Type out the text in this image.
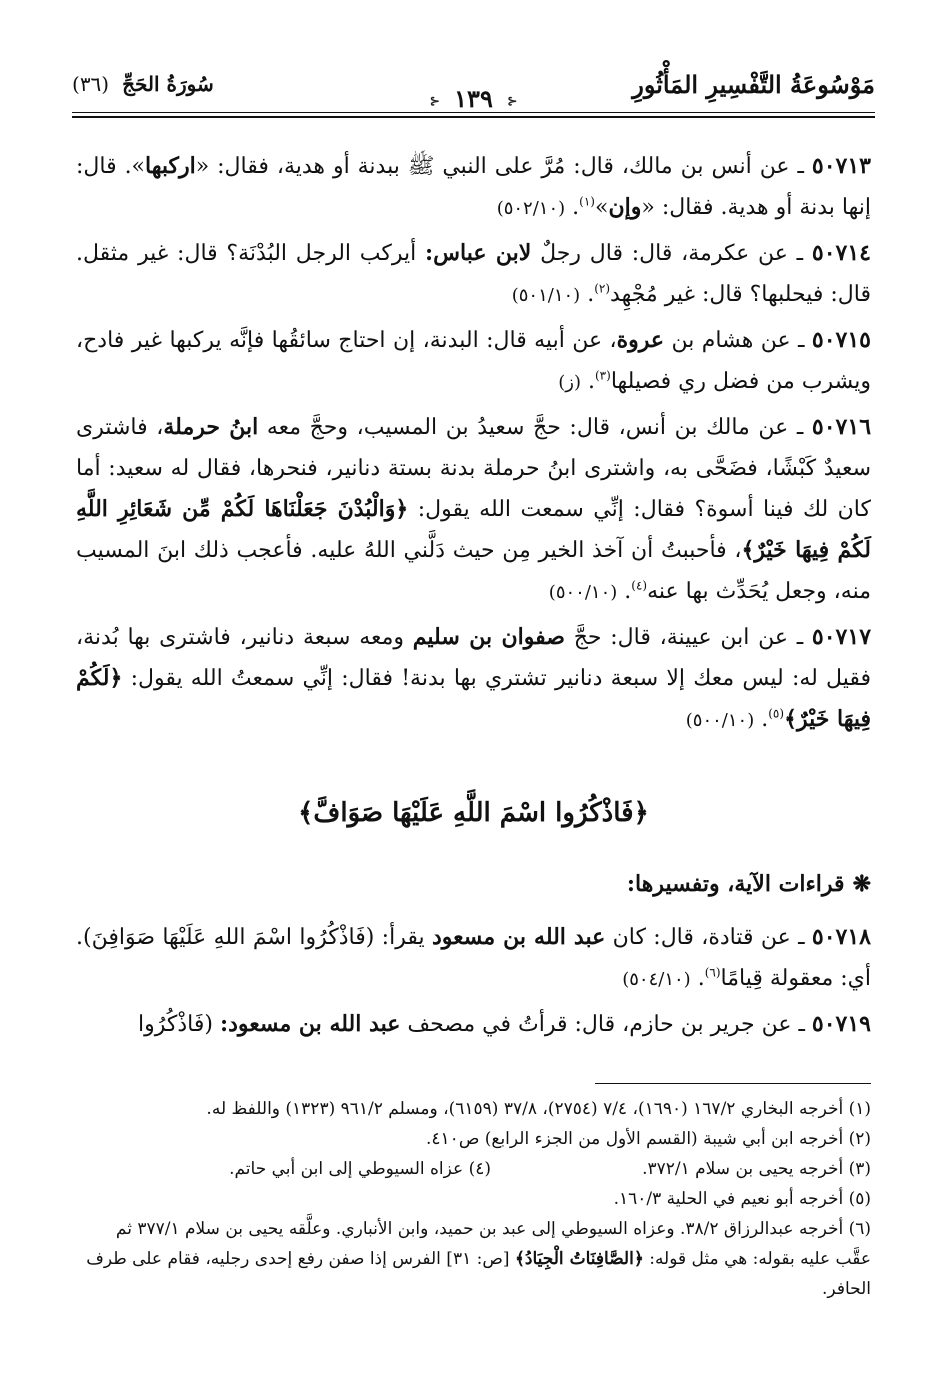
مَوْسُوعَةُ التَّفْسِيرِ المَأْثُورِ
⊰ ١٣٩ ⊰
سُورَةُ الحَجِّ (٣٦)

٥٠٧١٣ ـ عن أنس بن مالك، قال: مُرَّ على النبي ﷺ ببدنة أو هدية، فقال: «اركبها». قال: إنها بدنة أو هدية. فقال: «وإن»$^{(١)}$. (٥٠٢/١٠)

٥٠٧١٤ ـ عن عكرمة، قال: قال رجلٌ لابن عباس: أيركب الرجل البُدْنَة؟ قال: غير مثقل. قال: فيحلبها؟ قال: غير مُجْهِد$^{(٢)}$. (٥٠١/١٠)

٥٠٧١٥ ـ عن هشام بن عروة، عن أبيه قال: البدنة، إن احتاج سائقُها فإنَّه يركبها غير فادح، ويشرب من فضل ري فصيلها$^{(٣)}$. (ز)

٥٠٧١٦ ـ عن مالك بن أنس، قال: حجَّ سعيدُ بن المسيب، وحجَّ معه ابنُ حرملة، فاشترى سعيدٌ كَبْشًا، فضَحَّى به، واشترى ابنُ حرملة بدنة بستة دنانير، فنحرها، فقال له سعيد: أما كان لك فينا أسوة؟ فقال: إنِّي سمعت الله يقول: ﴿وَالْبُدْنَ جَعَلْنَاهَا لَكُمْ مِّن شَعَائِرِ اللَّهِ لَكُمْ فِيهَا خَيْرٌ﴾، فأحببتُ أن آخذ الخير مِن حيث دَلَّني اللهُ عليه. فأعجب ذلك ابنَ المسيب منه، وجعل يُحَدِّث بها عنه$^{(٤)}$. (٥٠٠/١٠)

٥٠٧١٧ ـ عن ابن عيينة، قال: حجَّ صفوان بن سليم ومعه سبعة دنانير، فاشترى بها بُدنة، فقيل له: ليس معك إلا سبعة دنانير تشتري بها بدنة! فقال: إنِّي سمعتُ الله يقول: ﴿لَكُمْ فِيهَا خَيْرٌ﴾$^{(٥)}$. (٥٠٠/١٠)

﴿فَاذْكُرُوا اسْمَ اللَّهِ عَلَيْهَا صَوَافَّ﴾
❋قراءات الآية، وتفسيرها:

٥٠٧١٨ ـ عن قتادة، قال: كان عبد الله بن مسعود يقرأ: (فَاذْكُرُوا اسْمَ اللهِ عَلَيْهَا صَوَافِنَ). أي: معقولة قِيامًا$^{(٦)}$. (٥٠٤/١٠)

٥٠٧١٩ ـ عن جرير بن حازم، قال: قرأتُ في مصحف عبد الله بن مسعود: (فَاذْكُرُوا

(١) أخرجه البخاري ١٦٧/٢ (١٦٩٠)، ٧/٤ (٢٧٥٤)، ٣٧/٨ (٦١٥٩)، ومسلم ٩٦١/٢ (١٣٢٣) واللفظ له.

(٢) أخرجه ابن أبي شيبة (القسم الأول من الجزء الرابع) ص٤١٠.

(٣) أخرجه يحيى بن سلام ٣٧٢/١.

(٤) عزاه السيوطي إلى ابن أبي حاتم.

(٥) أخرجه أبو نعيم في الحلية ١٦٠/٣.

(٦) أخرجه عبدالرزاق ٣٨/٢. وعزاه السيوطي إلى عبد بن حميد، وابن الأنباري. وعلَّقه يحيى بن سلام ٣٧٧/١ ثم عقَّب عليه بقوله: هي مثل قوله: ﴿الصَّافِنَاتُ الْجِيَادُ﴾ [ص: ٣١] الفرس إذا صفن رفع إحدى رجليه، فقام على طرف الحافر.
